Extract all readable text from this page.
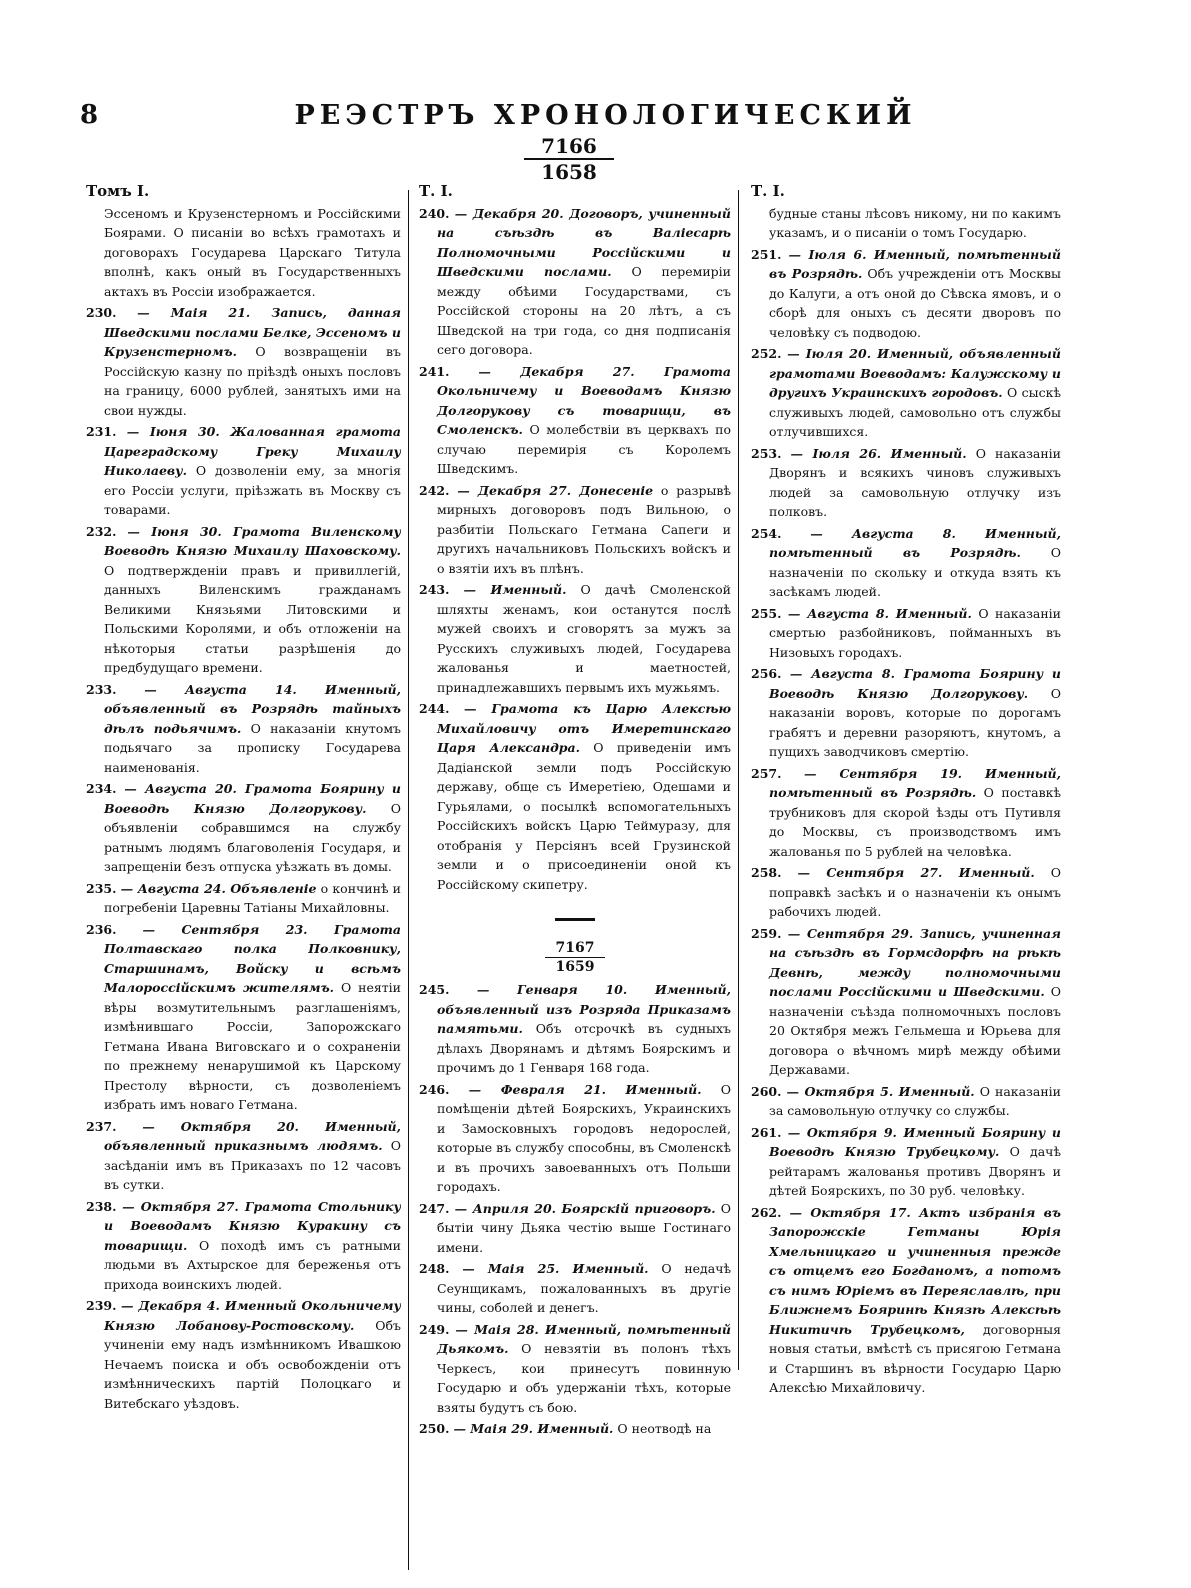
8	РЕЭСТРЪ ХРОНОЛОГИЧЕСКИЙ
7166
1658
Томъ I.

Эссеномъ и Крузенстерномъ и Россійскими Боярами. О писаніи во всѣхъ грамотахъ и договорахъ Государева Царскаго Титула вполнѣ, какъ оный въ Государственныхъ актахъ въ Россіи изображается.

230. — Маія 21. Запись, данная Шведскими послами Белке, Эссеномъ и Крузенстерномъ. О возвращеніи въ Россійскую казну по пріѣздѣ оныхъ пословъ на границу, 6000 рублей, занятыхъ ими на свои нужды.

231. — Іюня 30. Жалованная грамота Цареградскому Греку Михаилу Николаеву. О дозволеніи ему, за многія его Россіи услуги, пріѣзжать въ Москву съ товарами.

232. — Іюня 30. Грамота Виленскому Воеводѣ Князю Михаилу Шаховскому. О подтвержденіи правъ и привиллегій, данныхъ Виленскимъ гражданамъ Великими Князьями Литовскими и Польскими Королями, и объ отложеніи на нѣкоторыя статьи разрѣшенія до предбудущаго времени.

233. — Августа 14. Именный, объявленный въ Розрядѣ тайныхъ дѣлъ подьячимъ. О наказаніи кнутомъ подьячаго за прописку Государева наименованія.

234. — Августа 20. Грамота Боярину и Воеводѣ Князю Долгорукову. О объявленіи собравшимся на службу ратнымъ людямъ благоволенія Государя, и запрещеніи безъ отпуска уѣзжать въ домы.

235. — Августа 24. Объявленіе о кончинѣ и погребеніи Царевны Татіаны Михайловны.

236. — Сентября 23. Грамота Полтавскаго полка Полковнику, Старшинамъ, Войску и всѣмъ Малороссійскимъ жителямъ. О неятіи вѣры возмутительнымъ разглашеніямъ, измѣнившаго Россіи, Запорожскаго Гетмана Ивана Виговскаго и о сохраненіи по прежнему ненарушимой къ Царскому Престолу вѣрности, съ дозволеніемъ избрать имъ новаго Гетмана.

237. — Октября 20. Именный, объявленный приказнымъ людямъ. О засѣданіи имъ въ Приказахъ по 12 часовъ въ сутки.

238. — Октября 27. Грамота Стольнику и Воеводамъ Князю Куракину съ товарищи. О походѣ имъ съ ратными людьми въ Ахтырское для береженья отъ прихода воинскихъ людей.

239. — Декабря 4. Именный Окольничему Князю Лобанову-Ростовскому. Объ учиненіи ему надъ измѣнникомъ Ивашкою Нечаемъ поиска и объ освобожденіи отъ измѣнническихъ партій Полоцкаго и Витебскаго уѣздовъ.

Т. I.

240. — Декабря 20. Договоръ, учиненный на съѣздѣ въ Валіесарѣ Полномочными Россійскими и Шведскими послами. О перемиріи между обѣими Государствами, съ Россійской стороны на 20 лѣтъ, а съ Шведской на три года, со дня подписанія сего договора.

241. — Декабря 27. Грамота Окольничему и Воеводамъ Князю Долгорукову съ товарищи, въ Смоленскъ. О молебствіи въ церквахъ по случаю перемирія съ Королемъ Шведскимъ.

242. — Декабря 27. Донесеніе о разрывѣ мирныхъ договоровъ подъ Вильною, о разбитіи Польскаго Гетмана Сапеги и другихъ начальниковъ Польскихъ войскъ и о взятіи ихъ въ плѣнъ.

243. — Именный. О дачѣ Смоленской шляхты женамъ, кои останутся послѣ мужей своихъ и сговорятъ за мужъ за Русскихъ служивыхъ людей, Государева жалованья и маетностей, принадлежавшихъ первымъ ихъ мужьямъ.

244. — Грамота къ Царю Алексѣю Михайловичу отъ Имеретинскаго Царя Александра. О приведеніи имъ Дадіанской земли подъ Россійскую державу, обще съ Имеретіею, Одешами и Гурьялами, о посылкѣ вспомогательныхъ Россійскихъ войскъ Царю Теймуразу, для отобранія у Персіянъ всей Грузинской земли и о присоединеніи оной къ Россійскому скипетру.

7167
1659

245. — Генваря 10. Именный, объявленный изъ Розряда Приказамъ памятьми. Объ отсрочкѣ въ судныхъ дѣлахъ Дворянамъ и дѣтямъ Боярскимъ и прочимъ до 1 Генваря 168 года.

246. — Февраля 21. Именный. О помѣщеніи дѣтей Боярскихъ, Украинскихъ и Замосковныхъ городовъ недорослей, которые въ службу способны, въ Смоленскѣ и въ прочихъ завоеванныхъ отъ Польши городахъ.

247. — Априля 20. Боярскій приговоръ. О бытіи чину Дьяка честію выше Гостинаго имени.

248. — Маія 25. Именный. О недачѣ Сеунщикамъ, пожалованныхъ въ другіе чины, соболей и денегъ.

249. — Маія 28. Именный, помѣтенный Дьякомъ. О невзятіи въ полонъ тѣхъ Черкесъ, кои принесутъ повинную Государю и объ удержаніи тѣхъ, которые взяты будутъ съ бою.

250. — Маія 29. Именный. О неотводѣ на

Т. I.

будные станы лѣсовъ никому, ни по какимъ указамъ, и о писаніи о томъ Государю.

251. — Іюля 6. Именный, помѣтенный въ Розрядѣ. Объ учрежденіи отъ Москвы до Калуги, а отъ оной до Сѣвска ямовъ, и о сборѣ для оныхъ съ десяти дворовъ по человѣку съ подводою.

252. — Іюля 20. Именный, объявленный грамотами Воеводамъ: Калужскому и другихъ Украинскихъ городовъ. О сыскѣ служивыхъ людей, самовольно отъ службы отлучившихся.

253. — Іюля 26. Именный. О наказаніи Дворянъ и всякихъ чиновъ служивыхъ людей за самовольную отлучку изъ полковъ.

254. — Августа 8. Именный, помѣтенный въ Розрядѣ. О назначеніи по скольку и откуда взять къ засѣкамъ людей.

255. — Августа 8. Именный. О наказаніи смертью разбойниковъ, пойманныхъ въ Низовыхъ городахъ.

256. — Августа 8. Грамота Боярину и Воеводѣ Князю Долгорукову. О наказаніи воровъ, которые по дорогамъ грабятъ и деревни разоряютъ, кнутомъ, а пущихъ заводчиковъ смертію.

257. — Сентября 19. Именный, помѣтенный въ Розрядѣ. О поставкѣ трубниковъ для скорой ѣзды отъ Путивля до Москвы, съ производствомъ имъ жалованья по 5 рублей на человѣка.

258. — Сентября 27. Именный. О поправкѣ засѣкъ и о назначеніи къ онымъ рабочихъ людей.

259. — Сентября 29. Запись, учиненная на съѣздѣ въ Гормсдорфѣ на рѣкѣ Девнѣ, между полномочными послами Россійскими и Шведскими. О назначеніи съѣзда полномочныхъ пословъ 20 Октября межъ Гельмеша и Юрьева для договора о вѣчномъ мирѣ между обѣими Державами.

260. — Октября 5. Именный. О наказаніи за самовольную отлучку со службы.

261. — Октября 9. Именный Боярину и Воеводѣ Князю Трубецкому. О дачѣ рейтарамъ жалованья противъ Дворянъ и дѣтей Боярскихъ, по 30 руб. человѣку.

262. — Октября 17. Актъ избранія въ Запорожскіе Гетманы Юрія Хмельницкаго и учиненныя прежде съ отцемъ его Богданомъ, а потомъ съ нимъ Юріемъ въ Переяславлѣ, при Ближнемъ Бояринѣ Князѣ Алексѣѣ Никитичѣ Трубецкомъ, договорныя новыя статьи, вмѣстѣ съ присягою Гетмана и Старшинъ въ вѣрности Государю Царю Алексѣю Михайловичу.
